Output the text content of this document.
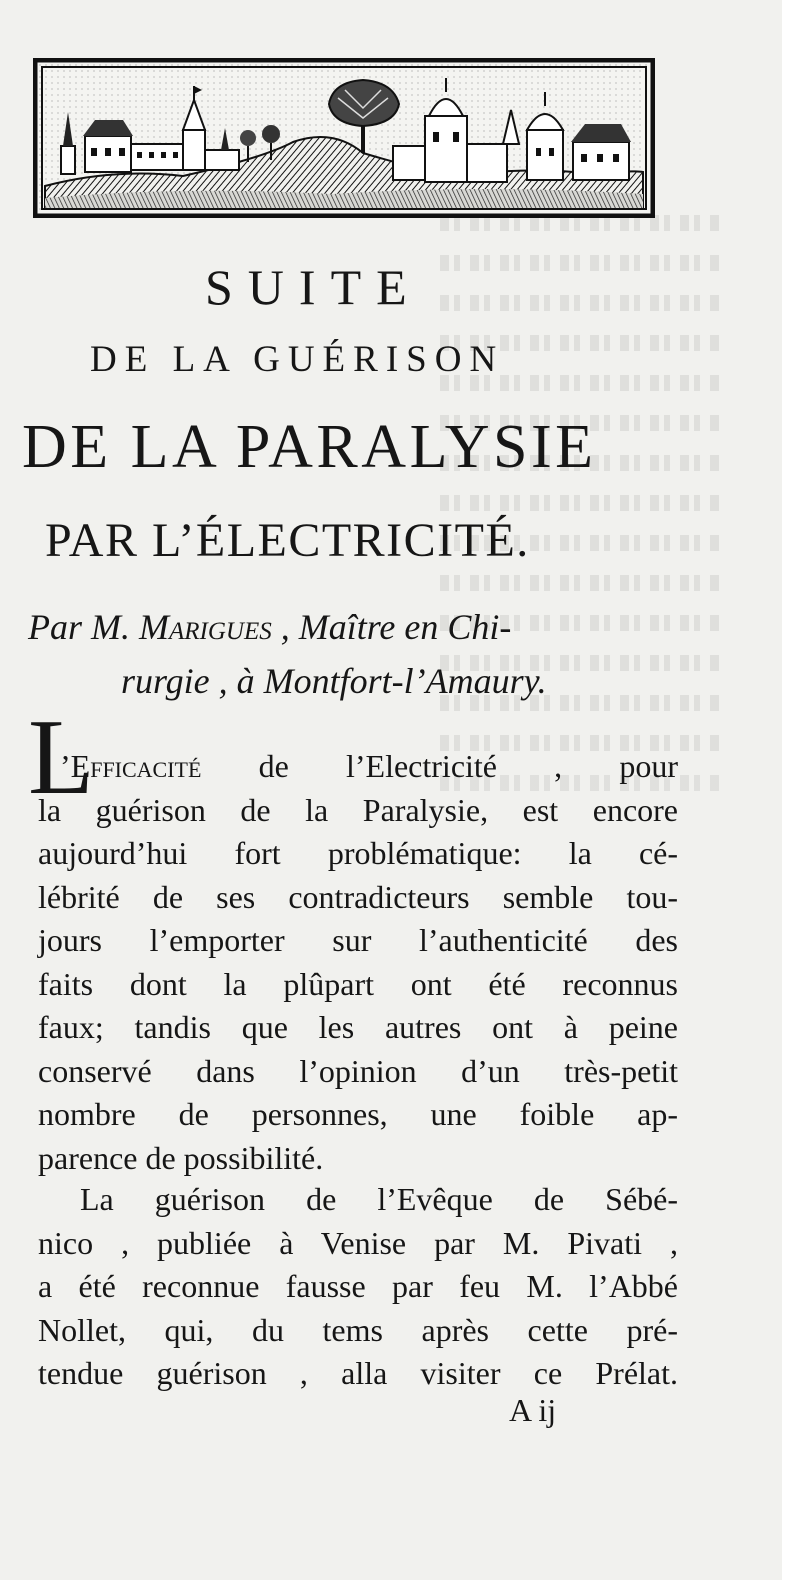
SUITE
DE LA GUÉRISON
DE LA PARALYSIE
PAR L’ÉLECTRICITÉ.
Par M. Marigues , Maître en Chi-
rurgie , à Montfort-l’Amaury.
L
’Efficacité de l’Electricité , pour
la guérison de la Paralysie, est encore
aujourd’hui fort problématique: la cé-
lébrité de ses contradicteurs semble tou-
jours l’emporter sur l’authenticité des
faits dont la plûpart ont été reconnus
faux; tandis que les autres ont à peine
conservé dans l’opinion d’un très-petit
nombre de personnes, une foible ap-
parence de possibilité.
La guérison de l’Evêque de Sébé-
nico , publiée à Venise par M. Pivati ,
a été reconnue fausse par feu M. l’Abbé
Nollet, qui, du tems après cette pré-
tendue guérison , alla visiter ce Prélat.
A ij
